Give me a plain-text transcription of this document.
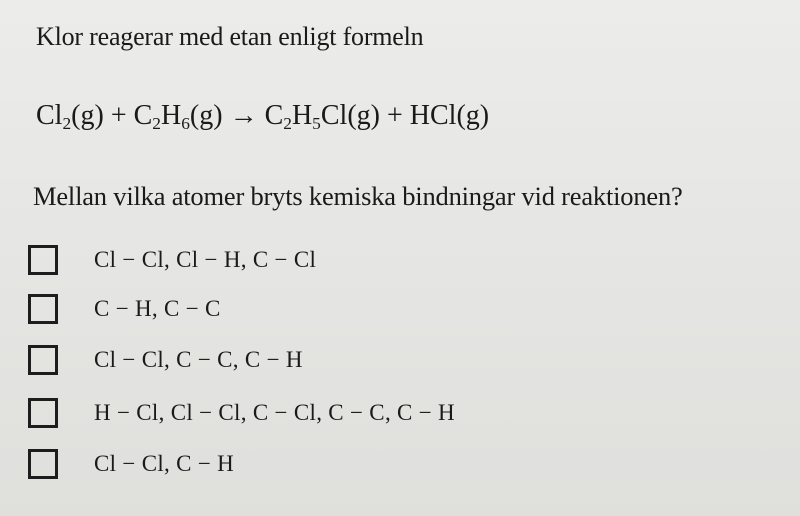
Klor reagerar med etan enligt formeln
$Cl_2(g) + C_2H_6(g) \to C_2H_5Cl(g) + HCl(g)$
Mellan vilka atomer bryts kemiska bindningar vid reaktionen?
Cl − Cl, Cl − H, C − Cl
C − H, C − C
Cl − Cl, C − C, C − H
H − Cl, Cl − Cl, C − Cl, C − C, C − H
Cl − Cl, C − H
